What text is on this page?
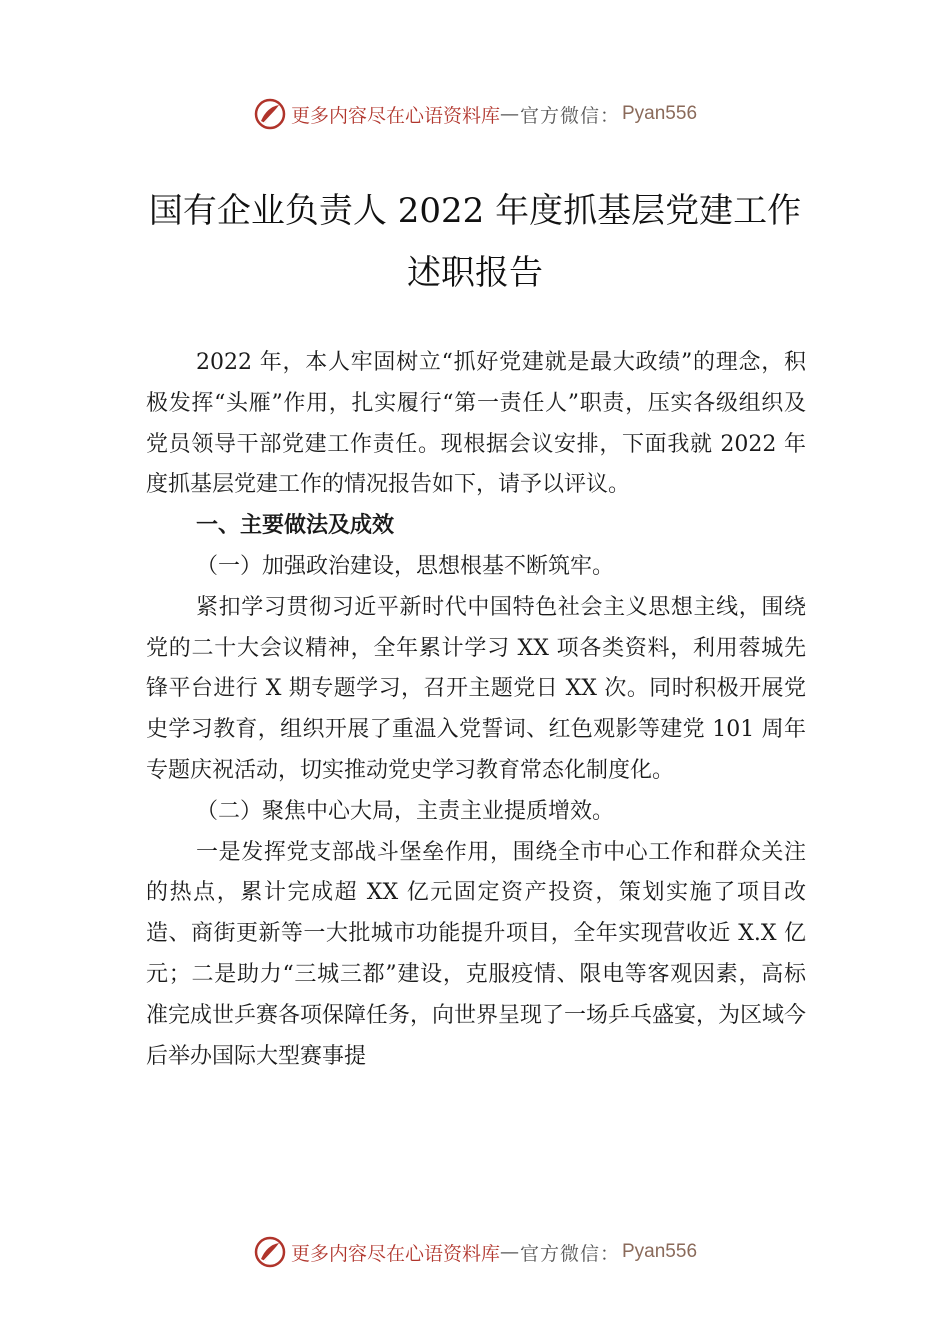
更多内容尽在心语资料库 — 官方微信： Pyan556
国有企业负责人 2022 年度抓基层党建工作
述职报告

2022 年，本人牢固树立“抓好党建就是最大政绩”的理念，积极发挥“头雁”作用，扎实履行“第一责任人”职责，压实各级组织及党员领导干部党建工作责任。现根据会议安排，下面我就 2022 年度抓基层党建工作的情况报告如下，请予以评议。

一、主要做法及成效

（一）加强政治建设，思想根基不断筑牢。

紧扣学习贯彻习近平新时代中国特色社会主义思想主线，围绕党的二十大会议精神，全年累计学习 XX 项各类资料，利用蓉城先锋平台进行 X 期专题学习，召开主题党日 XX 次。同时积极开展党史学习教育，组织开展了重温入党誓词、红色观影等建党 101 周年专题庆祝活动，切实推动党史学习教育常态化制度化。

（二）聚焦中心大局，主责主业提质增效。

一是发挥党支部战斗堡垒作用，围绕全市中心工作和群众关注的热点，累计完成超 XX 亿元固定资产投资，策划实施了项目改造、商街更新等一大批城市功能提升项目，全年实现营收近 X.X 亿元；二是助力“三城三都”建设，克服疫情、限电等客观因素，高标准完成世乒赛各项保障任务，向世界呈现了一场乒乓盛宴，为区域今后举办国际大型赛事提

更多内容尽在心语资料库 — 官方微信： Pyan556
